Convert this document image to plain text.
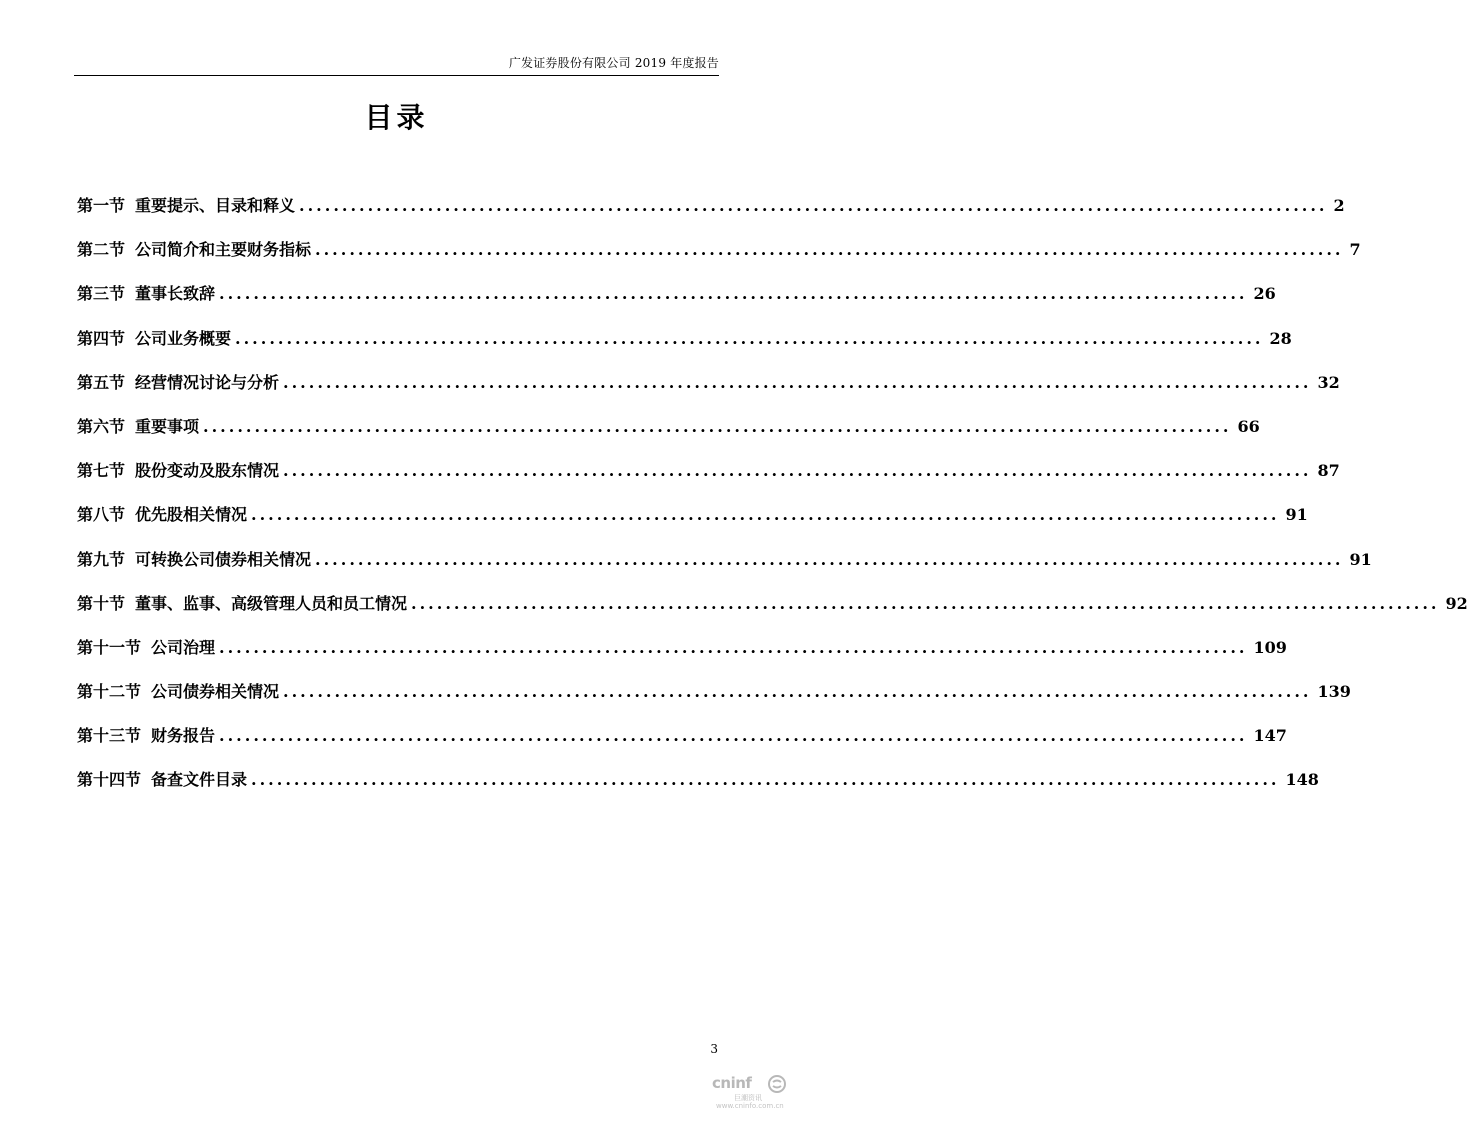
广发证券股份有限公司 2019 年度报告
目录
第一节 重要提示、目录和释义 ........................................................................................................................ 2
第二节 公司简介和主要财务指标 ........................................................................................................................ 7
第三节 董事长致辞 ........................................................................................................................ 26
第四节 公司业务概要 ........................................................................................................................ 28
第五节 经营情况讨论与分析 ........................................................................................................................ 32
第六节 重要事项 ........................................................................................................................ 66
第七节 股份变动及股东情况 ........................................................................................................................ 87
第八节 优先股相关情况 ........................................................................................................................ 91
第九节 可转换公司债券相关情况 ........................................................................................................................ 91
第十节 董事、监事、高级管理人员和员工情况 ........................................................................................................................ 92
第十一节 公司治理 ........................................................................................................................ 109
第十二节 公司债券相关情况 ........................................................................................................................ 139
第十三节 财务报告 ........................................................................................................................ 147
第十四节 备查文件目录 ........................................................................................................................ 148
3
cninf
巨潮资讯
www.cninfo.com.cn
